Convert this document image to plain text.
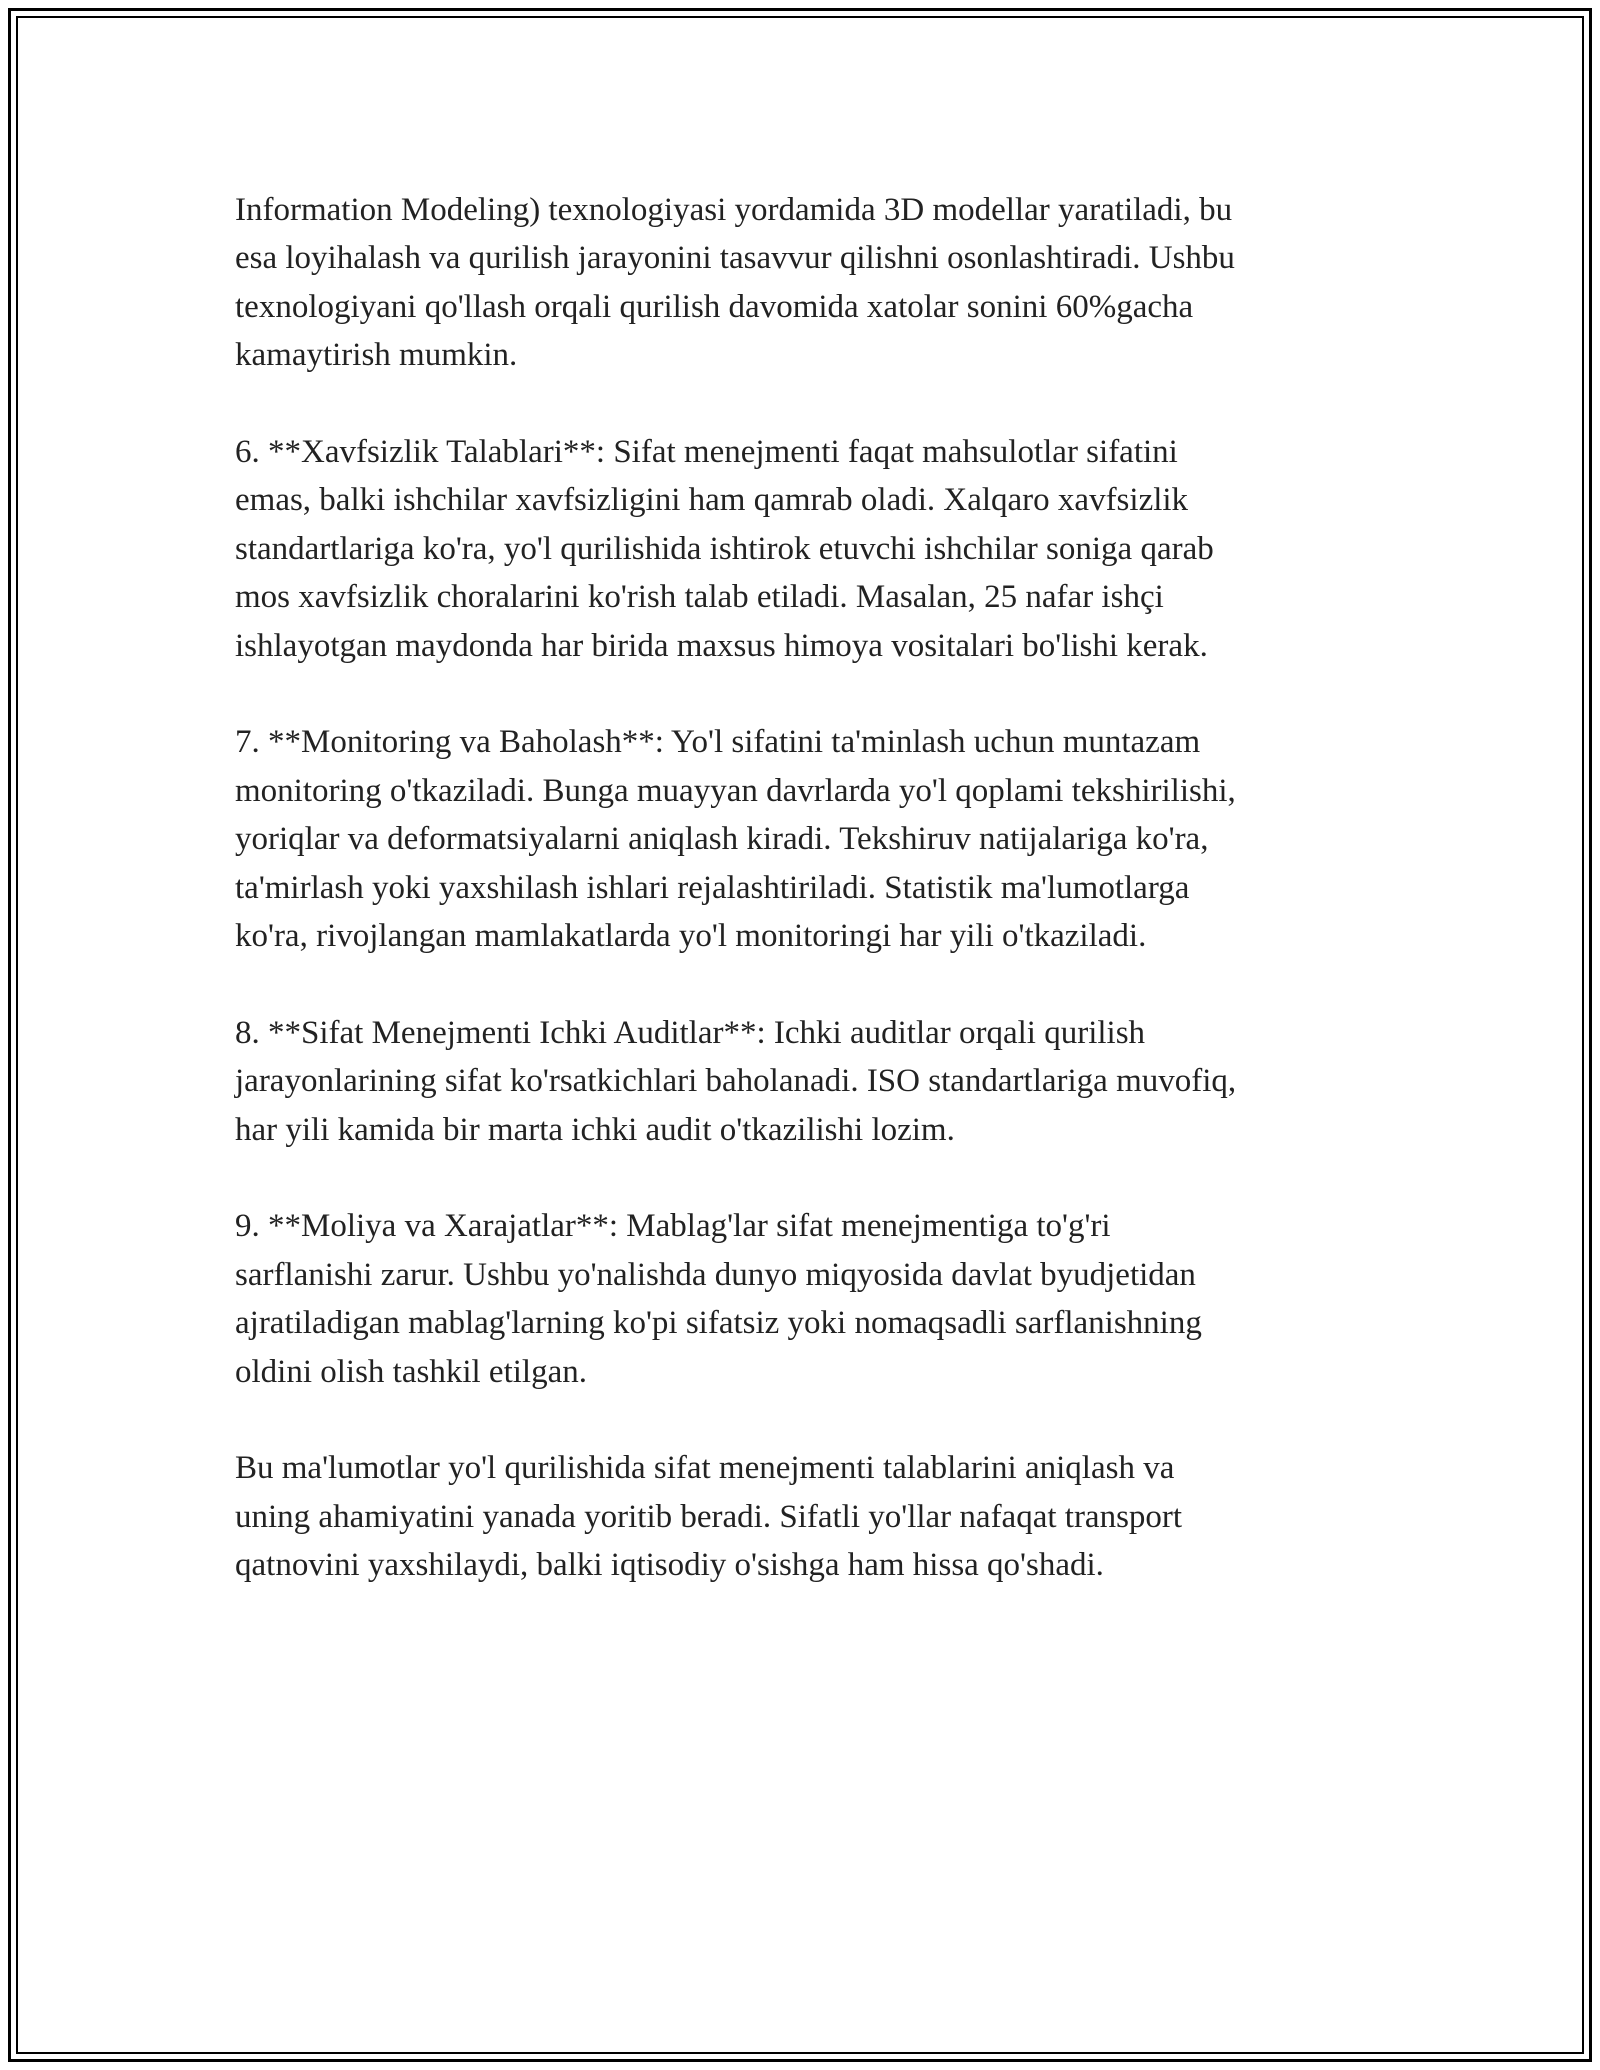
Information Modeling) texnologiyasi yordamida 3D modellar yaratiladi, bu
esa loyihalash va qurilish jarayonini tasavvur qilishni osonlashtiradi. Ushbu
texnologiyani qo'llash orqali qurilish davomida xatolar sonini 60%gacha
kamaytirish mumkin.

6. **Xavfsizlik Talablari**: Sifat menejmenti faqat mahsulotlar sifatini
emas, balki ishchilar xavfsizligini ham qamrab oladi. Xalqaro xavfsizlik
standartlariga ko'ra, yo'l qurilishida ishtirok etuvchi ishchilar soniga qarab
mos xavfsizlik choralarini ko'rish talab etiladi. Masalan, 25 nafar ishçi
ishlayotgan maydonda har birida maxsus himoya vositalari bo'lishi kerak.

7. **Monitoring va Baholash**: Yo'l sifatini ta'minlash uchun muntazam
monitoring o'tkaziladi. Bunga muayyan davrlarda yo'l qoplami tekshirilishi,
yoriqlar va deformatsiyalarni aniqlash kiradi. Tekshiruv natijalariga ko'ra,
ta'mirlash yoki yaxshilash ishlari rejalashtiriladi. Statistik ma'lumotlarga
ko'ra, rivojlangan mamlakatlarda yo'l monitoringi har yili o'tkaziladi.

8. **Sifat Menejmenti Ichki Auditlar**: Ichki auditlar orqali qurilish
jarayonlarining sifat ko'rsatkichlari baholanadi. ISO standartlariga muvofiq,
har yili kamida bir marta ichki audit o'tkazilishi lozim.

9. **Moliya va Xarajatlar**: Mablag'lar sifat menejmentiga to'g'ri
sarflanishi zarur. Ushbu yo'nalishda dunyo miqyosida davlat byudjetidan
ajratiladigan mablag'larning ko'pi sifatsiz yoki nomaqsadli sarflanishning
oldini olish tashkil etilgan.

Bu ma'lumotlar yo'l qurilishida sifat menejmenti talablarini aniqlash va
uning ahamiyatini yanada yoritib beradi. Sifatli yo'llar nafaqat transport
qatnovini yaxshilaydi, balki iqtisodiy o'sishga ham hissa qo'shadi.
